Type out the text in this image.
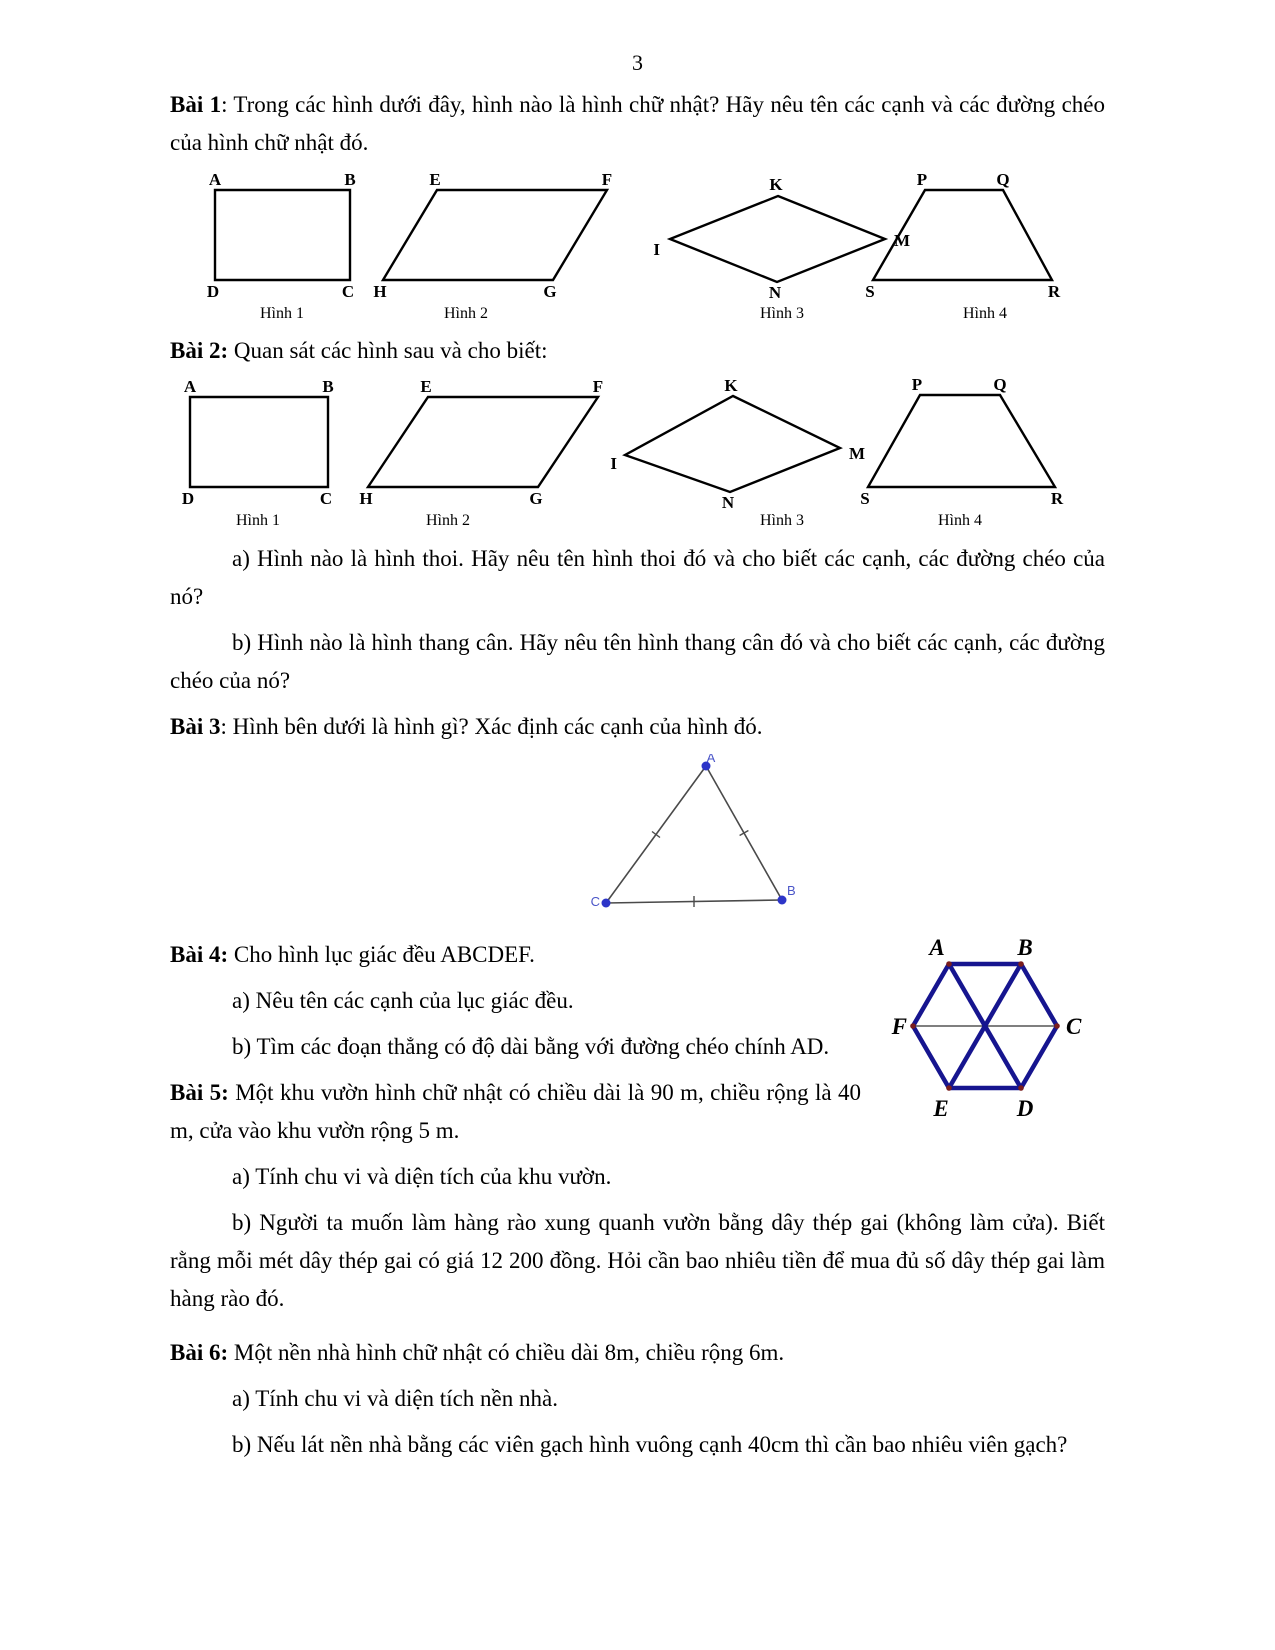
3

Bài 1: Trong các hình dưới đây, hình nào là hình chữ nhật? Hãy nêu tên các cạnh và các đường chéo của hình chữ nhật đó.

A	B
D	C
Hình 1
E	F
H	G
Hình 2
K
M
N
I
Hình 3
P	Q
S	R
Hình 4

Bài 2: Quan sát các hình sau và cho biết:

A	B
D	C
Hình 1
E	F
H	G
Hình 2
K
M
N
I
Hình 3
P	Q
S	R
Hình 4

a) Hình nào là hình thoi. Hãy nêu tên hình thoi đó và cho biết các cạnh, các đường chéo của nó?

b) Hình nào là hình thang cân. Hãy nêu tên hình thang cân đó và cho biết các cạnh, các đường chéo của nó?

Bài 3: Hình bên dưới là hình gì? Xác định các cạnh của hình đó.

A
C
B
A	B
C
D
E
F

Bài 4: Cho hình lục giác đều ABCDEF.

a) Nêu tên các cạnh của lục giác đều.

b) Tìm các đoạn thẳng có độ dài bằng với đường chéo chính AD.

Bài 5: Một khu vườn hình chữ nhật có chiều dài là 90 m, chiều rộng là 40 m, cửa vào khu vườn rộng 5 m.

a) Tính chu vi và diện tích của khu vườn.

b) Người ta muốn làm hàng rào xung quanh vườn bằng dây thép gai (không làm cửa). Biết rằng mỗi mét dây thép gai có giá 12 200 đồng. Hỏi cần bao nhiêu tiền để mua đủ số dây thép gai làm hàng rào đó.

Bài 6: Một nền nhà hình chữ nhật có chiều dài 8m, chiều rộng 6m.

a) Tính chu vi và diện tích nền nhà.

b) Nếu lát nền nhà bằng các viên gạch hình vuông cạnh 40cm thì cần bao nhiêu viên gạch?
